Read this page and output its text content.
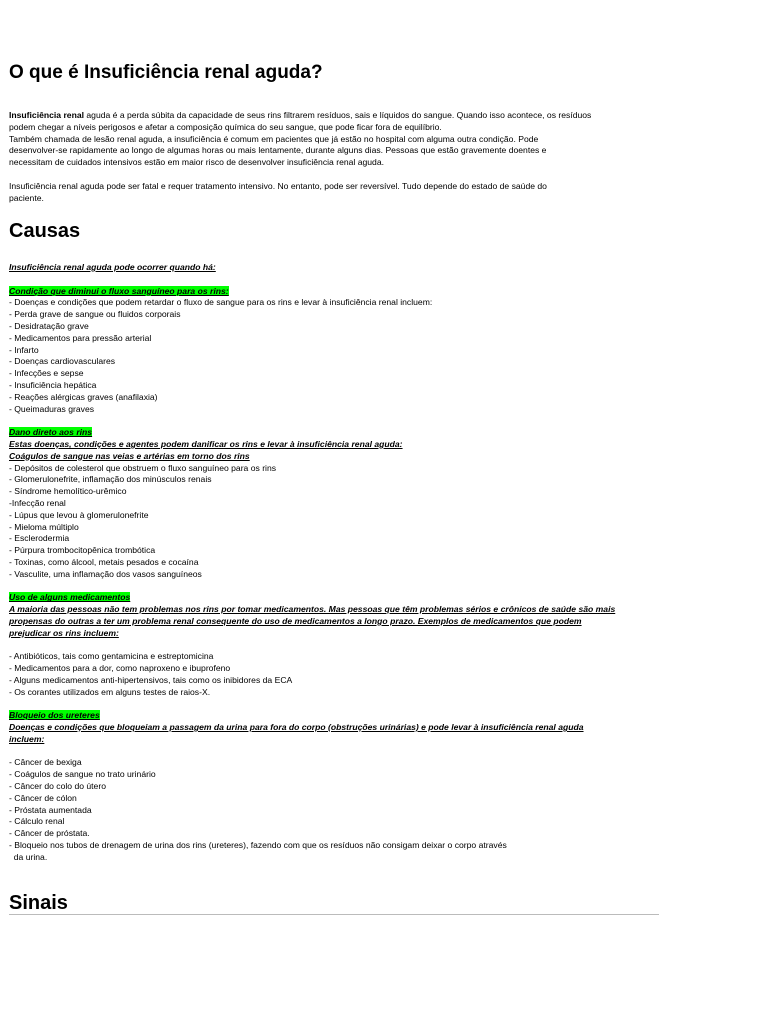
O que é Insuficiência renal aguda?

Insuficiência renal aguda é a perda súbita da capacidade de seus rins filtrarem resíduos, sais e líquidos do sangue. Quando isso acontece, os resíduos
podem chegar a níveis perigosos e afetar a composição química do seu sangue, que pode ficar fora de equilíbrio.
Também chamada de lesão renal aguda, a insuficiência é comum em pacientes que já estão no hospital com alguma outra condição. Pode
desenvolver-se rapidamente ao longo de algumas horas ou mais lentamente, durante alguns dias. Pessoas que estão gravemente doentes e
necessitam de cuidados intensivos estão em maior risco de desenvolver insuficiência renal aguda.

Insuficiência renal aguda pode ser fatal e requer tratamento intensivo. No entanto, pode ser reversível. Tudo depende do estado de saúde do
paciente.

Causas
Insuficiência renal aguda pode ocorrer quando há:
Condição que diminui o fluxo sanguíneo para os rins:
- Doenças e condições que podem retardar o fluxo de sangue para os rins e levar à insuficiência renal incluem:
- Perda grave de sangue ou fluidos corporais
- Desidratação grave
- Medicamentos para pressão arterial
- Infarto
- Doenças cardiovasculares
- Infecções e sepse
- Insuficiência hepática
- Reações alérgicas graves (anafilaxia)
- Queimaduras graves
Dano direto aos rins
Estas doenças, condições e agentes podem danificar os rins e levar à insuficiência renal aguda:
Coágulos de sangue nas veias e artérias em torno dos rins
- Depósitos de colesterol que obstruem o fluxo sanguíneo para os rins
- Glomerulonefrite, inflamação dos minúsculos renais
- Síndrome hemolítico-urêmico
-Infecção renal
- Lúpus que levou à glomerulonefrite
- Mieloma múltiplo
- Esclerodermia
- Púrpura trombocitopênica trombótica
- Toxinas, como álcool, metais pesados e cocaína
- Vasculite, uma inflamação dos vasos sanguíneos
Uso de alguns medicamentos
A maioria das pessoas não tem problemas nos rins por tomar medicamentos. Mas pessoas que têm problemas sérios e crônicos de saúde são mais
propensas do outras a ter um problema renal consequente do uso de medicamentos a longo prazo. Exemplos de medicamentos que podem
prejudicar os rins incluem:
- Antibióticos, tais como gentamicina e estreptomicina
- Medicamentos para a dor, como naproxeno e ibuprofeno
- Alguns medicamentos anti-hipertensivos, tais como os inibidores da ECA
- Os corantes utilizados em alguns testes de raios-X.
Bloqueio dos ureteres
Doenças e condições que bloqueiam a passagem da urina para fora do corpo (obstruções urinárias) e pode levar à insuficiência renal aguda
incluem:
- Câncer de bexiga
- Coágulos de sangue no trato urinário
- Câncer do colo do útero
- Câncer de cólon
- Próstata aumentada
- Cálculo renal
- Câncer de próstata.
- Bloqueio nos tubos de drenagem de urina dos rins (ureteres), fazendo com que os resíduos não consigam deixar o corpo através
da urina.
Sinais
